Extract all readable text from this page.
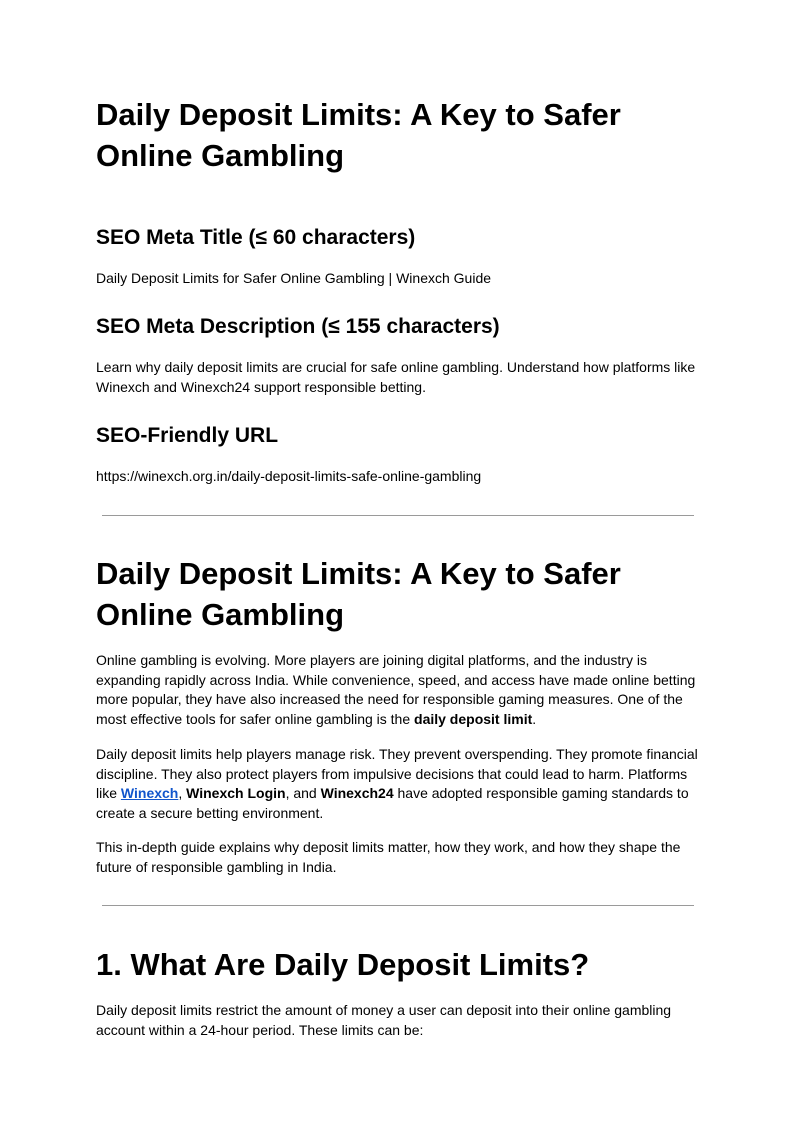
Daily Deposit Limits: A Key to Safer Online Gambling
SEO Meta Title (≤ 60 characters)

Daily Deposit Limits for Safer Online Gambling | Winexch Guide

SEO Meta Description (≤ 155 characters)

Learn why daily deposit limits are crucial for safe online gambling. Understand how platforms like Winexch and Winexch24 support responsible betting.

SEO-Friendly URL

https://winexch.org.in/daily-deposit-limits-safe-online-gambling

Daily Deposit Limits: A Key to Safer Online Gambling

Online gambling is evolving. More players are joining digital platforms, and the industry is expanding rapidly across India. While convenience, speed, and access have made online betting more popular, they have also increased the need for responsible gaming measures. One of the most effective tools for safer online gambling is the daily deposit limit.

Daily deposit limits help players manage risk. They prevent overspending. They promote financial discipline. They also protect players from impulsive decisions that could lead to harm. Platforms like Winexch, Winexch Login, and Winexch24 have adopted responsible gaming standards to create a secure betting environment.

This in-depth guide explains why deposit limits matter, how they work, and how they shape the future of responsible gambling in India.

1. What Are Daily Deposit Limits?

Daily deposit limits restrict the amount of money a user can deposit into their online gambling account within a 24-hour period. These limits can be:
